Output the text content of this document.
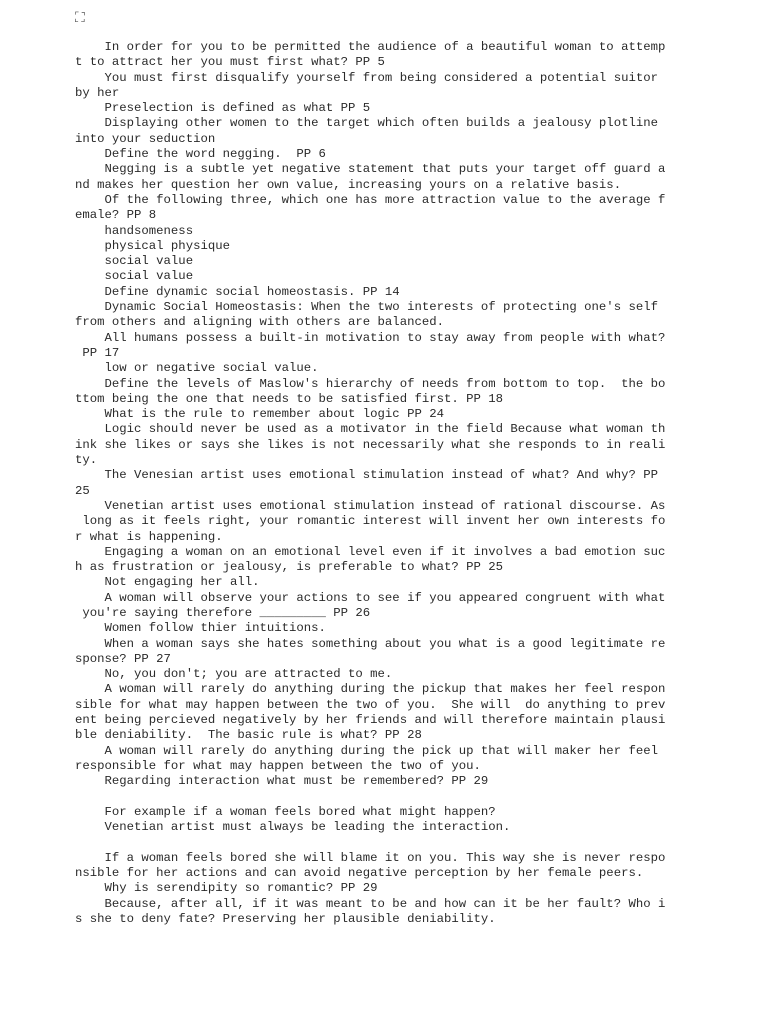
⛶
In order for you to be permitted the audience of a beautiful woman to attemp
t to attract her you must first what? PP 5
You must first disqualify yourself from being considered a potential suitor
by her
Preselection is defined as what PP 5
Displaying other women to the target which often builds a jealousy plotline
into your seduction
Define the word negging.  PP 6
Negging is a subtle yet negative statement that puts your target off guard a
nd makes her question her own value, increasing yours on a relative basis.
Of the following three, which one has more attraction value to the average f
emale? PP 8
handsomeness
physical physique
social value
social value
Define dynamic social homeostasis. PP 14
Dynamic Social Homeostasis: When the two interests of protecting one's self
from others and aligning with others are balanced.
All humans possess a built-in motivation to stay away from people with what?
PP 17
low or negative social value.
Define the levels of Maslow's hierarchy of needs from bottom to top.  the bo
ttom being the one that needs to be satisfied first. PP 18
What is the rule to remember about logic PP 24
Logic should never be used as a motivator in the field Because what woman th
ink she likes or says she likes is not necessarily what she responds to in reali
ty.
The Venesian artist uses emotional stimulation instead of what? And why? PP
25
Venetian artist uses emotional stimulation instead of rational discourse. As
long as it feels right, your romantic interest will invent her own interests fo
r what is happening.
Engaging a woman on an emotional level even if it involves a bad emotion suc
h as frustration or jealousy, is preferable to what? PP 25
Not engaging her all.
A woman will observe your actions to see if you appeared congruent with what
you're saying therefore _________ PP 26
Women follow thier intuitions.
When a woman says she hates something about you what is a good legitimate re
sponse? PP 27
No, you don't; you are attracted to me.
A woman will rarely do anything during the pickup that makes her feel respon
sible for what may happen between the two of you.  She will  do anything to prev
ent being percieved negatively by her friends and will therefore maintain plausi
ble deniability.  The basic rule is what? PP 28
A woman will rarely do anything during the pick up that will maker her feel
responsible for what may happen between the two of you.
Regarding interaction what must be remembered? PP 29
For example if a woman feels bored what might happen?
Venetian artist must always be leading the interaction.
If a woman feels bored she will blame it on you. This way she is never respo
nsible for her actions and can avoid negative perception by her female peers.
Why is serendipity so romantic? PP 29
Because, after all, if it was meant to be and how can it be her fault? Who i
s she to deny fate? Preserving her plausible deniability.
